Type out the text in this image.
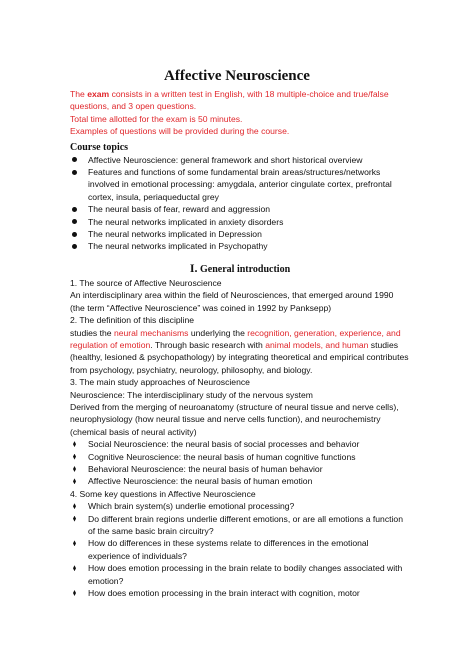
Affective Neuroscience

The exam consists in a written test in English, with 18 multiple-choice and true/false questions, and 3 open questions.

Total time allotted for the exam is 50 minutes.

Examples of questions will be provided during the course.

Course topics
Affective Neuroscience: general framework and short historical overview
Features and functions of some fundamental brain areas/structures/networks involved in emotional processing: amygdala, anterior cingulate cortex, prefrontal cortex, insula, periaqueductal grey
The neural basis of fear, reward and aggression
The neural networks implicated in anxiety disorders
The neural networks implicated in Depression
The neural networks implicated in Psychopathy
I. General introduction

1. The source of Affective Neuroscience

An interdisciplinary area within the field of Neurosciences, that emerged around 1990 (the term “Affective Neuroscience” was coined in 1992 by Panksepp)

2. The definition of this discipline

studies the neural mechanisms underlying the recognition, generation, experience, and regulation of emotion. Through basic research with animal models, and human studies (healthy, lesioned & psychopathology) by integrating theoretical and empirical contributes from psychology, psychiatry, neurology, philosophy, and biology.

3. The main study approaches of Neuroscience

Neuroscience: The interdisciplinary study of the nervous system

Derived from the merging of neuroanatomy (structure of neural tissue and nerve cells), neurophysiology (how neural tissue and nerve cells function), and neurochemistry (chemical basis of neural activity)

Social Neuroscience: the neural basis of social processes and behavior
Cognitive Neuroscience: the neural basis of human cognitive functions
Behavioral Neuroscience: the neural basis of human behavior
Affective Neuroscience: the neural basis of human emotion

4. Some key questions in Affective Neuroscience

Which brain system(s) underlie emotional processing?
Do different brain regions underlie different emotions, or are all emotions a function of the same basic brain circuitry?
How do differences in these systems relate to differences in the emotional experience of individuals?
How does emotion processing in the brain relate to bodily changes associated with emotion?
How does emotion processing in the brain interact with cognition, motor
